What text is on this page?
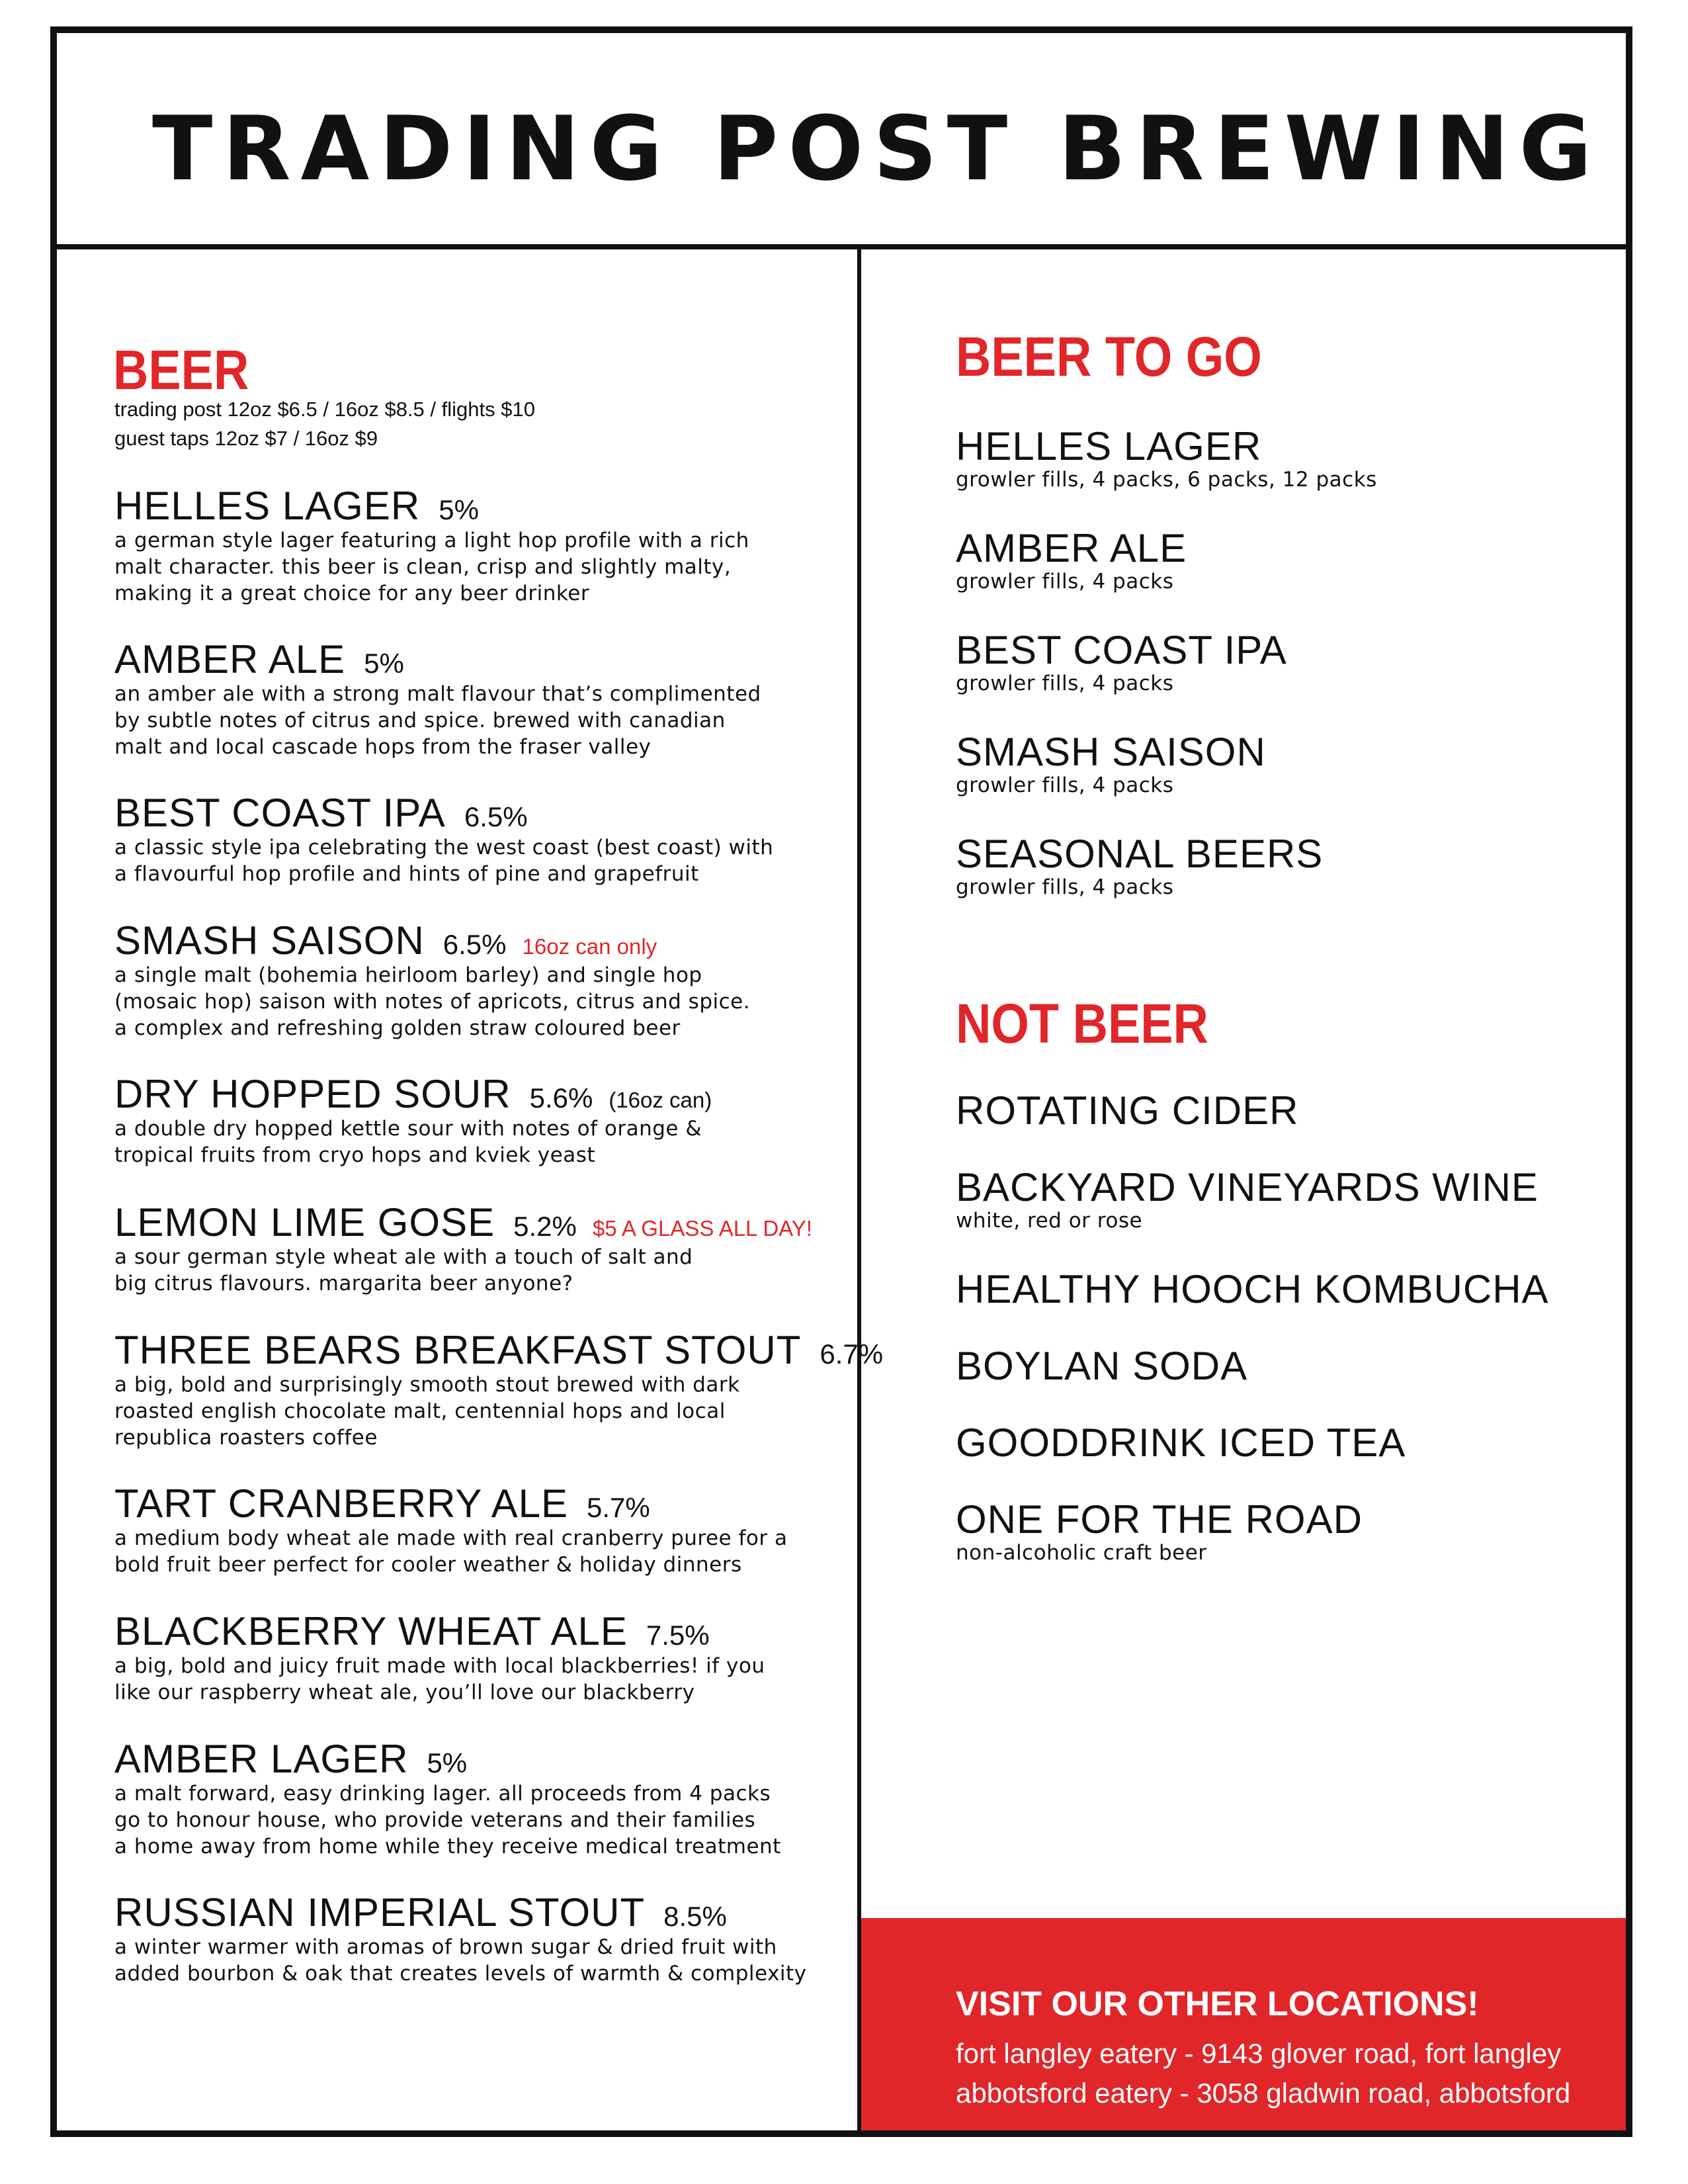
TRADING POST BREWING
BEER
trading post 12oz $6.5 / 16oz $8.5 / flights $10
guest taps 12oz $7 / 16oz $9
HELLES LAGER 5%
a german style lager featuring a light hop profile with a rich
malt character. this beer is clean, crisp and slightly malty,
making it a great choice for any beer drinker
AMBER ALE 5%
an amber ale with a strong malt flavour that’s complimented
by subtle notes of citrus and spice. brewed with canadian
malt and local cascade hops from the fraser valley
BEST COAST IPA 6.5%
a classic style ipa celebrating the west coast (best coast) with
a flavourful hop profile and hints of pine and grapefruit
SMASH SAISON 6.5% 16oz can only
a single malt (bohemia heirloom barley) and single hop
(mosaic hop) saison with notes of apricots, citrus and spice.
a complex and refreshing golden straw coloured beer
DRY HOPPED SOUR 5.6% (16oz can)
a double dry hopped kettle sour with notes of orange &
tropical fruits from cryo hops and kviek yeast
LEMON LIME GOSE 5.2% $5 A GLASS ALL DAY!
a sour german style wheat ale with a touch of salt and
big citrus flavours. margarita beer anyone?
THREE BEARS BREAKFAST STOUT 6.7%
a big, bold and surprisingly smooth stout brewed with dark
roasted english chocolate malt, centennial hops and local
republica roasters coffee
TART CRANBERRY ALE 5.7%
a medium body wheat ale made with real cranberry puree for a
bold fruit beer perfect for cooler weather & holiday dinners
BLACKBERRY WHEAT ALE 7.5%
a big, bold and juicy fruit made with local blackberries! if you
like our raspberry wheat ale, you’ll love our blackberry
AMBER LAGER 5%
a malt forward, easy drinking lager. all proceeds from 4 packs
go to honour house, who provide veterans and their families
a home away from home while they receive medical treatment
RUSSIAN IMPERIAL STOUT 8.5%
a winter warmer with aromas of brown sugar & dried fruit with
added bourbon & oak that creates levels of warmth & complexity
BEER TO GO
HELLES LAGER
growler fills, 4 packs, 6 packs, 12 packs
AMBER ALE
growler fills, 4 packs
BEST COAST IPA
growler fills, 4 packs
SMASH SAISON
growler fills, 4 packs
SEASONAL BEERS
growler fills, 4 packs
NOT BEER
ROTATING CIDER
BACKYARD VINEYARDS WINE
white, red or rose
HEALTHY HOOCH KOMBUCHA
BOYLAN SODA
GOODDRINK ICED TEA
ONE FOR THE ROAD
non-alcoholic craft beer
VISIT OUR OTHER LOCATIONS!
fort langley eatery - 9143 glover road, fort langley
abbotsford eatery - 3058 gladwin road, abbotsford
